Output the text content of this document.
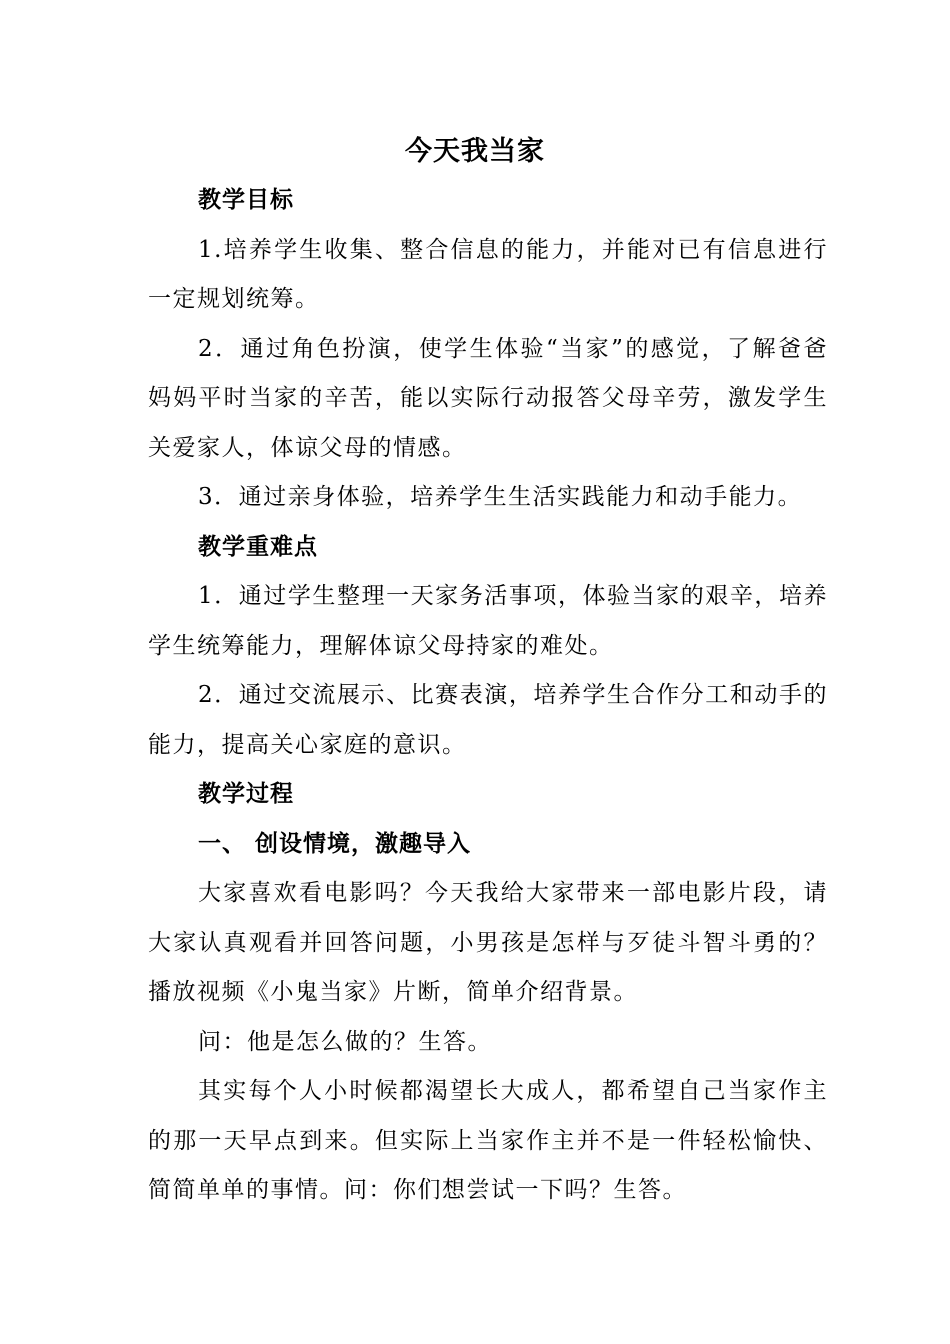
今天我当家

教学目标

1.培养学生收集、整合信息的能力，并能对已有信息进行一定规划统筹。

2．通过角色扮演，使学生体验“当家”的感觉，了解爸爸妈妈平时当家的辛苦，能以实际行动报答父母辛劳，激发学生关爱家人，体谅父母的情感。

3．通过亲身体验，培养学生生活实践能力和动手能力。

教学重难点

1．通过学生整理一天家务活事项，体验当家的艰辛，培养学生统筹能力，理解体谅父母持家的难处。

2．通过交流展示、比赛表演，培养学生合作分工和动手的能力，提高关心家庭的意识。

教学过程

一、 创设情境，激趣导入

大家喜欢看电影吗？今天我给大家带来一部电影片段，请大家认真观看并回答问题，小男孩是怎样与歹徒斗智斗勇的？播放视频《小鬼当家》片断，简单介绍背景。

问：他是怎么做的？生答。

其实每个人小时候都渴望长大成人，都希望自己当家作主的那一天早点到来。但实际上当家作主并不是一件轻松愉快、简简单单的事情。问：你们想尝试一下吗？生答。
